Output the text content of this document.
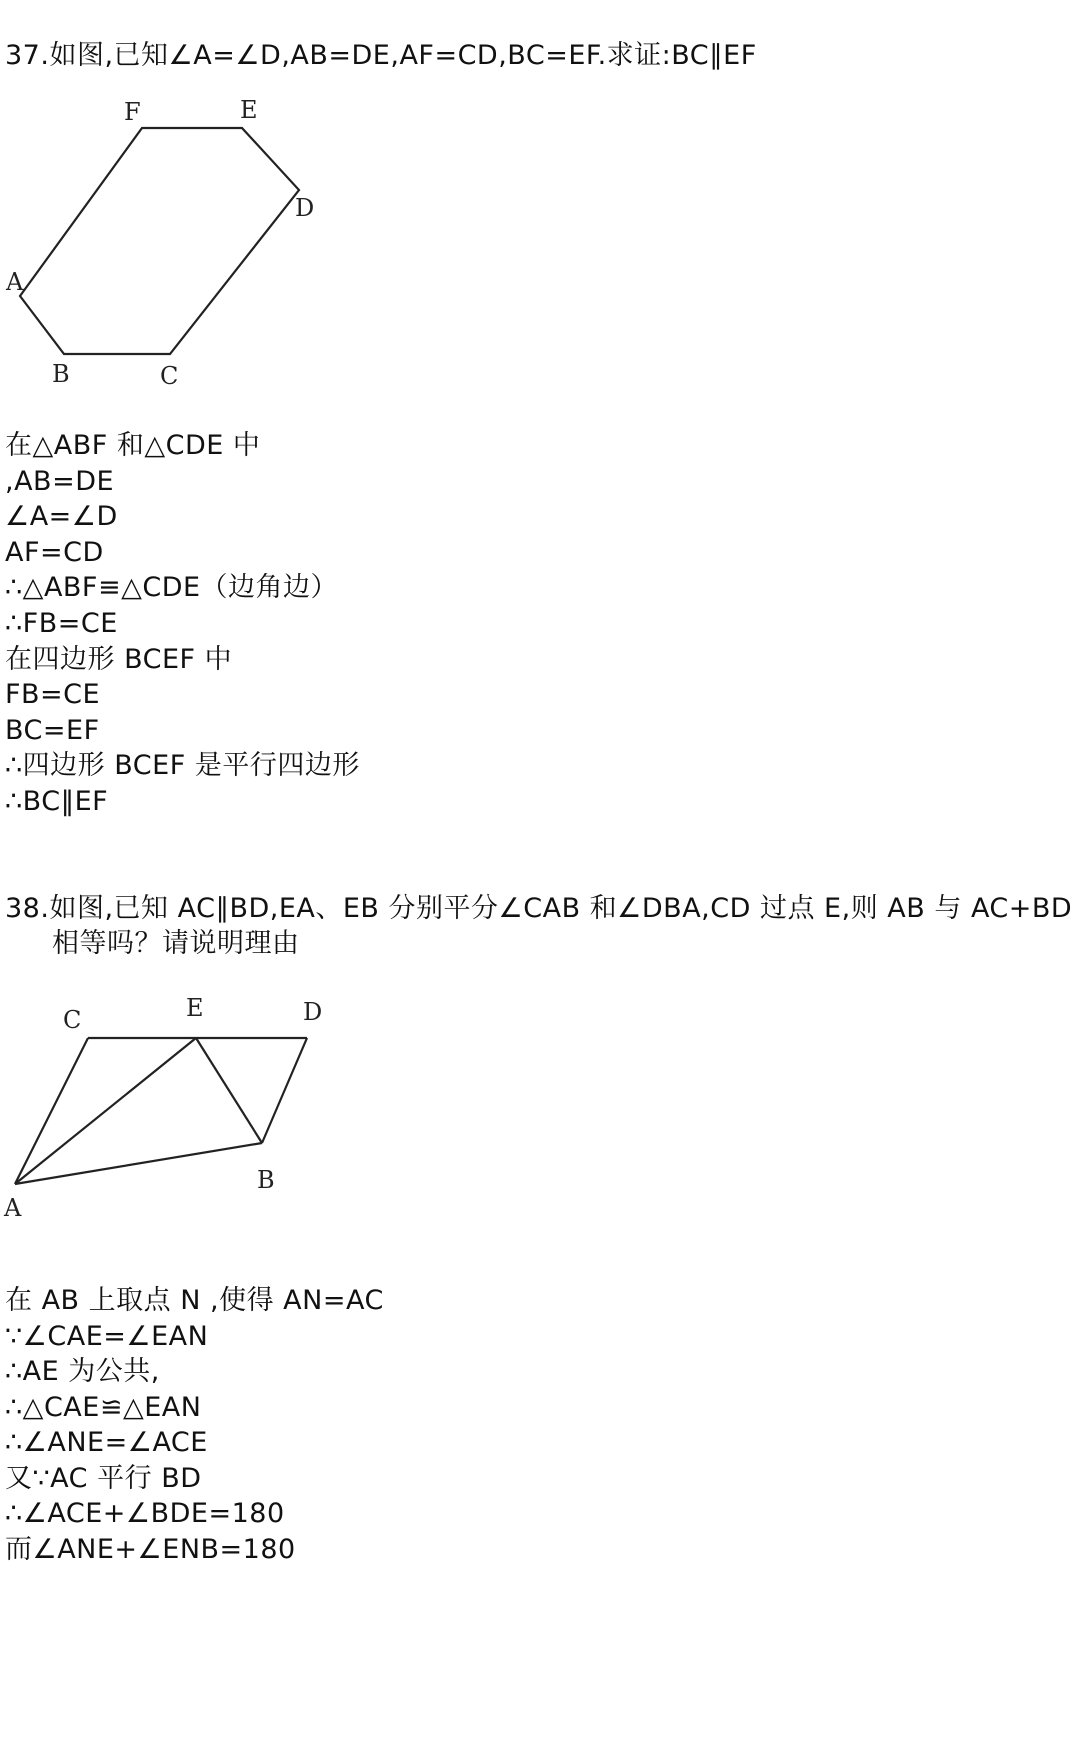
37.如图,已知∠A=∠D,AB=DE,AF=CD,BC=EF.求证:BC∥EF

F	E
D
A
B	C

在△ABF 和△CDE 中

,AB=DE

∠A=∠D

AF=CD

∴△ABF≡△CDE（边角边）

∴FB=CE

在四边形 BCEF 中

FB=CE

BC=EF

∴四边形 BCEF 是平行四边形

∴BC‖EF

38.如图,已知 AC∥BD,EA、EB 分别平分∠CAB 和∠DBA,CD 过点 E,则 AB 与 AC+BD

相等吗？请说明理由

C	E	D
B
A

在 AB 上取点 N ,使得 AN=AC

∵∠CAE=∠EAN

∴AE 为公共,

∴△CAE≌△EAN

∴∠ANE=∠ACE

又∵AC 平行 BD

∴∠ACE+∠BDE=180

而∠ANE+∠ENB=180
